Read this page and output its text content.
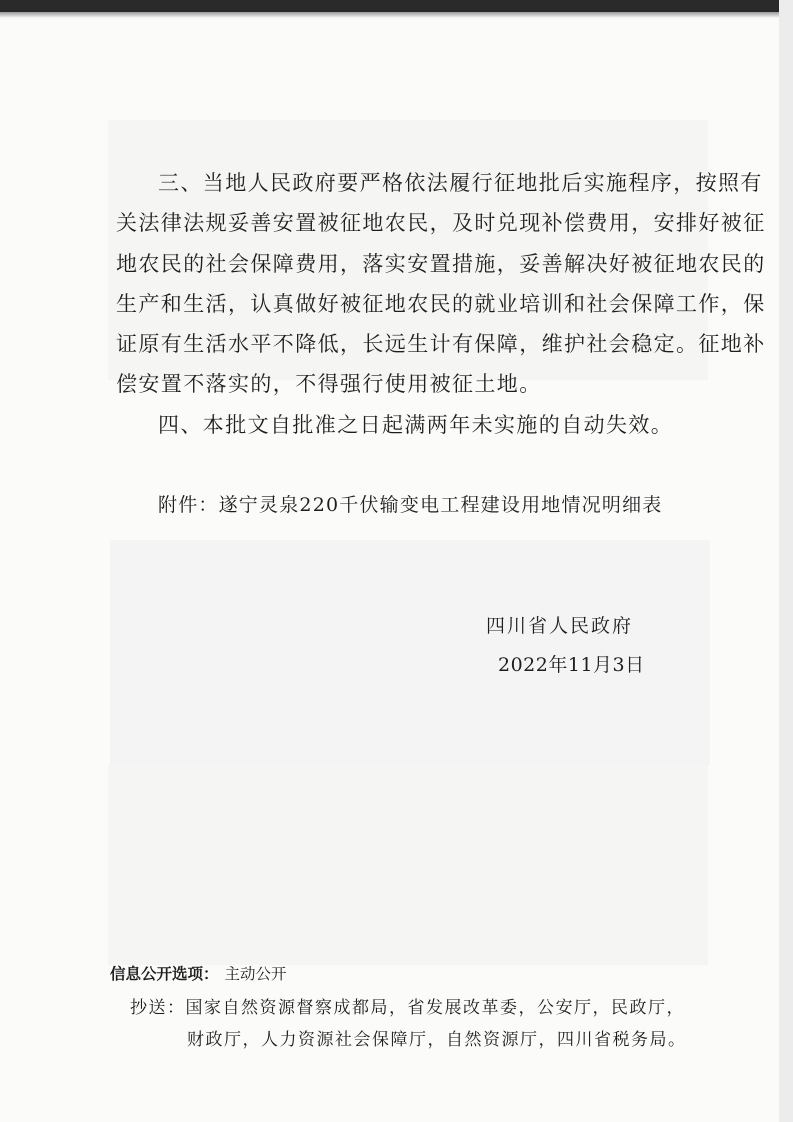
三、当地人民政府要严格依法履行征地批后实施程序，按照有
关法律法规妥善安置被征地农民，及时兑现补偿费用，安排好被征
地农民的社会保障费用，落实安置措施，妥善解决好被征地农民的
生产和生活，认真做好被征地农民的就业培训和社会保障工作，保
证原有生活水平不降低，长远生计有保障，维护社会稳定。征地补
偿安置不落实的，不得强行使用被征土地。

四、本批文自批准之日起满两年未实施的自动失效。

附件：遂宁灵泉220千伏输变电工程建设用地情况明细表
四川省人民政府
2022年11月3日
信息公开选项： 主动公开
抄送：国家自然资源督察成都局，省发展改革委，公安厅，民政厅，
财政厅，人力资源社会保障厅，自然资源厅，四川省税务局。
